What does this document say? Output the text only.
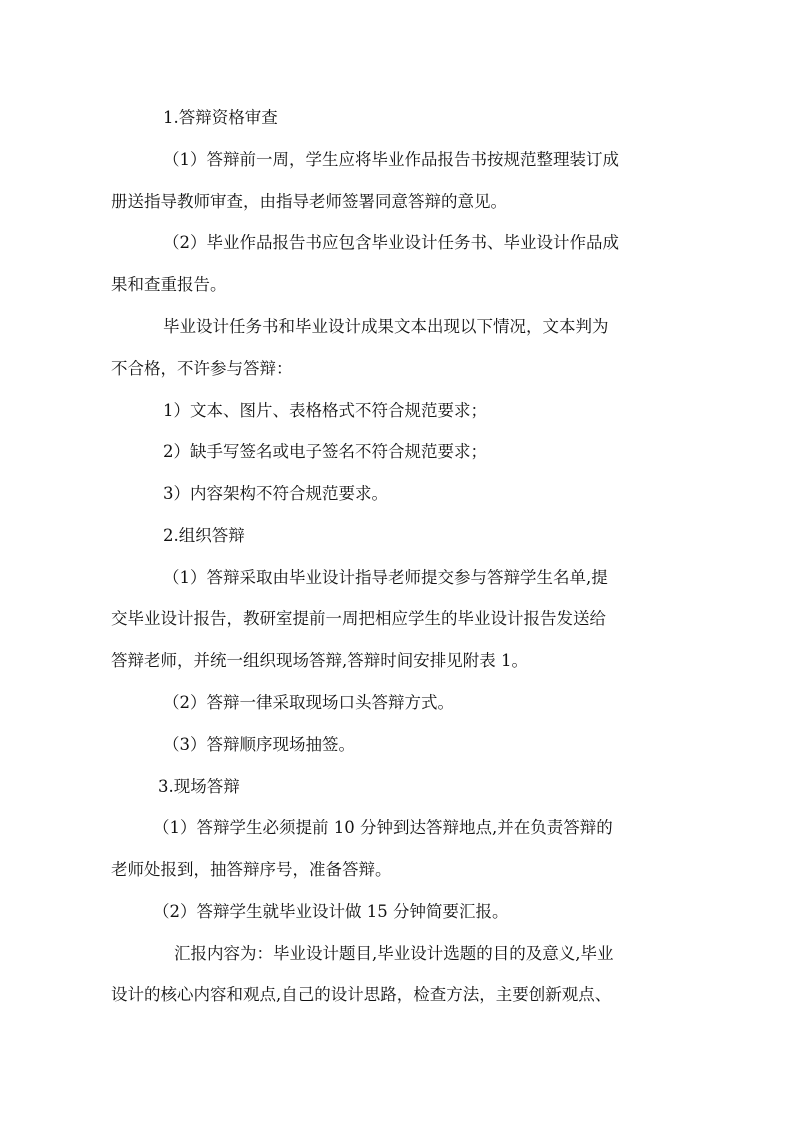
1.答辩资格审查

（1）答辩前一周，学生应将毕业作品报告书按规范整理装订成

册送指导教师审查，由指导老师签署同意答辩的意见。

（2）毕业作品报告书应包含毕业设计任务书、毕业设计作品成

果和查重报告。

毕业设计任务书和毕业设计成果文本出现以下情况，文本判为

不合格，不许参与答辩：

1）文本、图片、表格格式不符合规范要求；

2）缺手写签名或电子签名不符合规范要求；

3）内容架构不符合规范要求。

2.组织答辩

（1）答辩采取由毕业设计指导老师提交参与答辩学生名单,提

交毕业设计报告，教研室提前一周把相应学生的毕业设计报告发送给

答辩老师，并统一组织现场答辩,答辩时间安排见附表 1。

（2）答辩一律采取现场口头答辩方式。

（3）答辩顺序现场抽签。

3.现场答辩

（1）答辩学生必须提前 10 分钟到达答辩地点,并在负责答辩的

老师处报到，抽答辩序号，准备答辩。

（2）答辩学生就毕业设计做 15 分钟简要汇报。

汇报内容为：毕业设计题目,毕业设计选题的目的及意义,毕业

设计的核心内容和观点,自己的设计思路，检查方法，主要创新观点、
